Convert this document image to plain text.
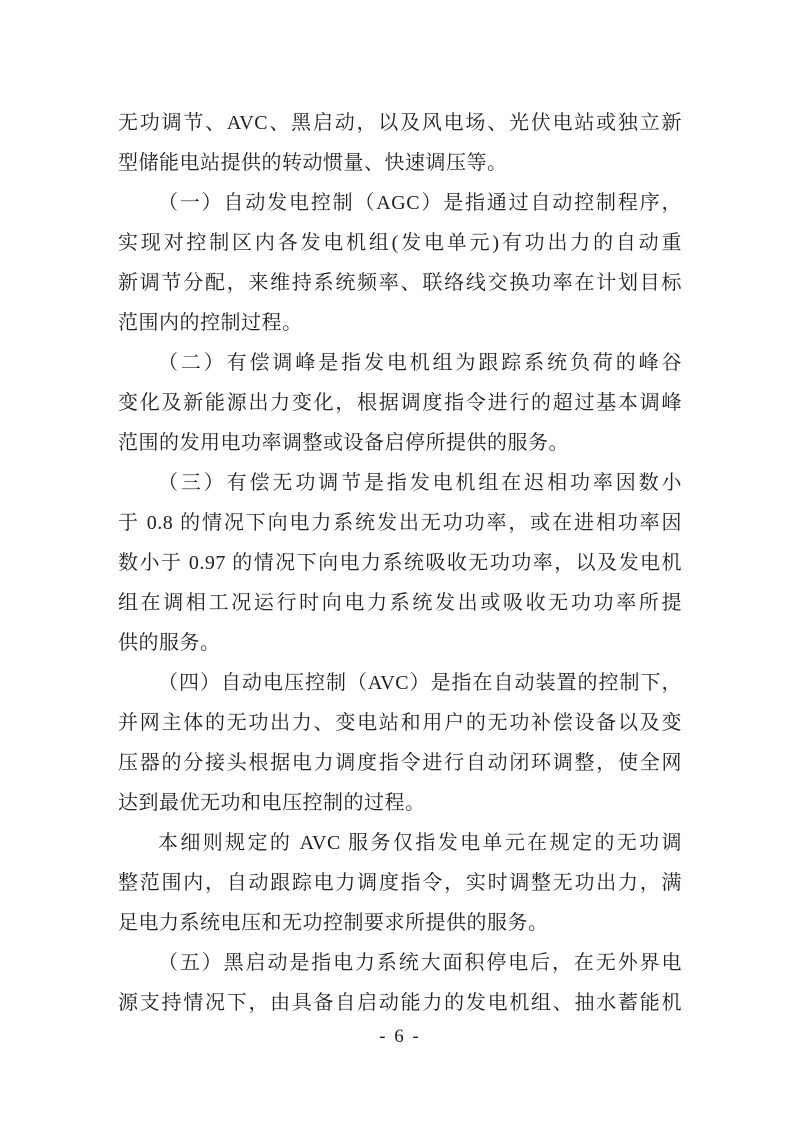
无功调节、AVC、黑启动，以及风电场、光伏电站或独立新
型储能电站提供的转动惯量、快速调压等。
（一）自动发电控制（AGC）是指通过自动控制程序，
实现对控制区内各发电机组(发电单元)有功出力的自动重
新调节分配，来维持系统频率、联络线交换功率在计划目标
范围内的控制过程。
（二）有偿调峰是指发电机组为跟踪系统负荷的峰谷
变化及新能源出力变化，根据调度指令进行的超过基本调峰
范围的发用电功率调整或设备启停所提供的服务。
（三）有偿无功调节是指发电机组在迟相功率因数小
于 0.8 的情况下向电力系统发出无功功率，或在进相功率因
数小于 0.97 的情况下向电力系统吸收无功功率，以及发电机
组在调相工况运行时向电力系统发出或吸收无功功率所提
供的服务。
（四）自动电压控制（AVC）是指在自动装置的控制下，
并网主体的无功出力、变电站和用户的无功补偿设备以及变
压器的分接头根据电力调度指令进行自动闭环调整，使全网
达到最优无功和电压控制的过程。
本细则规定的 AVC 服务仅指发电单元在规定的无功调
整范围内，自动跟踪电力调度指令，实时调整无功出力，满
足电力系统电压和无功控制要求所提供的服务。
（五）黑启动是指电力系统大面积停电后，在无外界电
源支持情况下，由具备自启动能力的发电机组、抽水蓄能机
- 6 -
